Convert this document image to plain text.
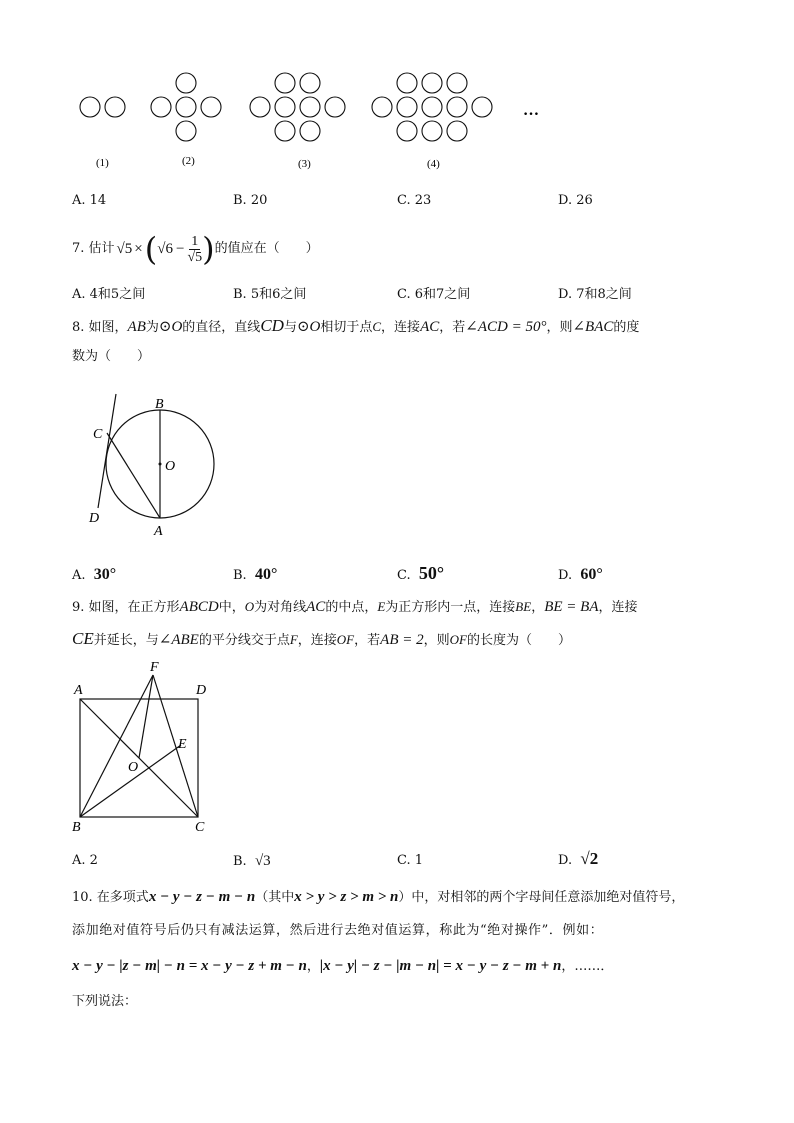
…
(1)	(2)	(3)	(4)
A. 14	B. 20	C. 23	D. 26
7. 估计 √5 × ( $√6 - \frac{1}{√5}$ ) 的值应在（　　）
A. 4和5之间	B. 5和6之间	C. 6和7之间	D. 7和8之间
8. 如图，AB为⊙O的直径，直线CD与⊙O相切于点C，连接AC，若∠ACD = 50°，则∠BAC的度
数为（　　）
B
C
O
D
A
A. 30°	B. 40°	C. 50°	D. 60°
9. 如图，在正方形ABCD中，O为对角线AC的中点，E为正方形内一点，连接BE，BE = BA，连接
CE并延长，与∠ABE的平分线交于点F，连接OF，若AB = 2，则OF的长度为（　　）
F
A	D
E
O
B	C
A. 2	B. √3	C. 1	D. √2
10. 在多项式x − y − z − m − n（其中x > y > z > m > n）中，对相邻的两个字母间任意添加绝对值符号，
添加绝对值符号后仍只有减法运算，然后进行去绝对值运算，称此为“绝对操作”．例如：
x − y − |z − m| − n = x − y − z + m − n，|x − y| − z − |m − n| = x − y − z − m + n，……．
下列说法：
